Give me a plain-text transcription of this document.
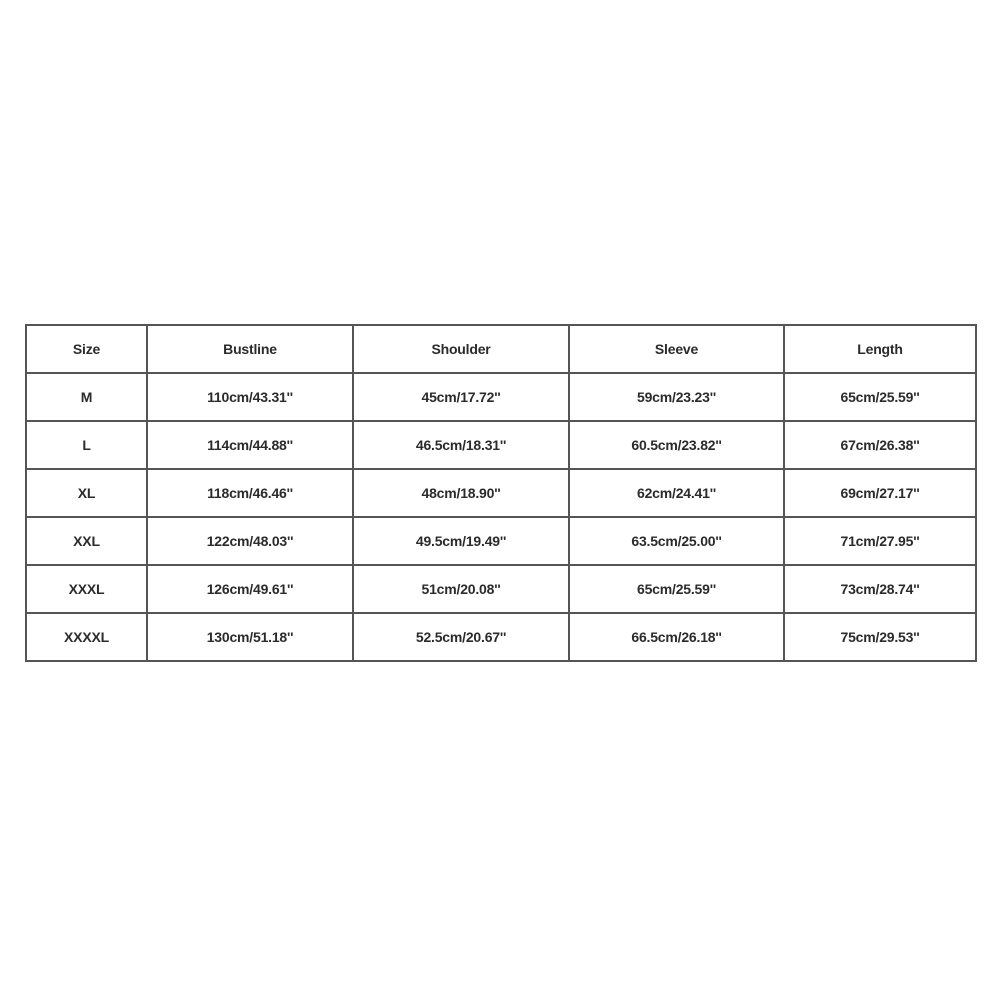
Size	Bustline	Shoulder	Sleeve	Length
M	110cm/43.31''	45cm/17.72''	59cm/23.23''	65cm/25.59''
L	114cm/44.88''	46.5cm/18.31''	60.5cm/23.82''	67cm/26.38''
XL	118cm/46.46''	48cm/18.90''	62cm/24.41''	69cm/27.17''
XXL	122cm/48.03''	49.5cm/19.49''	63.5cm/25.00''	71cm/27.95''
XXXL	126cm/49.61''	51cm/20.08''	65cm/25.59''	73cm/28.74''
XXXXL	130cm/51.18''	52.5cm/20.67''	66.5cm/26.18''	75cm/29.53''
